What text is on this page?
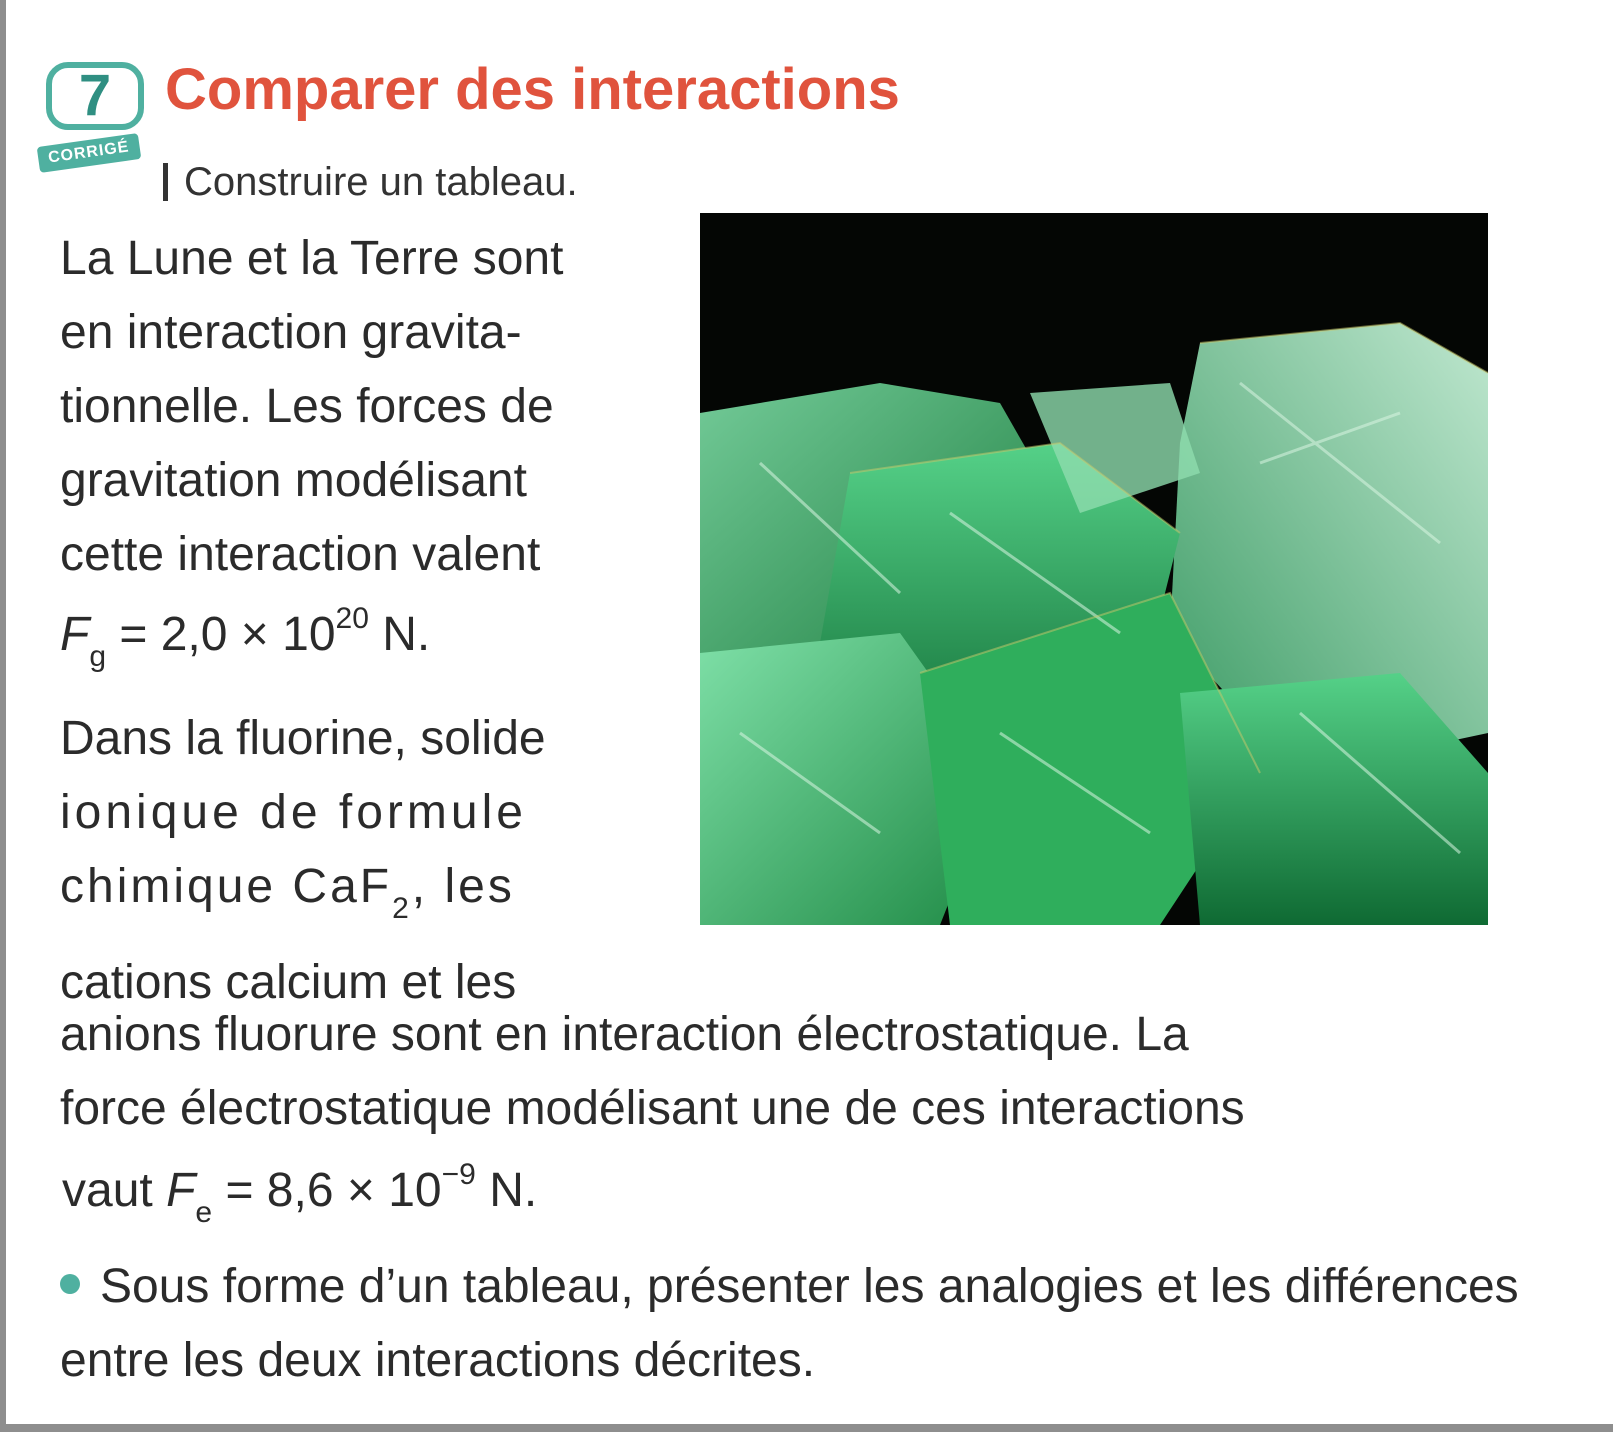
7
CORRIGÉ
Comparer des interactions
Construire un tableau.

La Lune et la Terre sont

en interaction gravita-

tionnelle. Les forces de

gravitation modélisant

cette interaction valent

$F_g = 2,0 \times 10^{20}$ N.

Dans la fluorine, solide

ionique de formule

chimique CaF$_2$, les

cations calcium et les

anions fluorure sont en interaction électrostatique. La

force électrostatique modélisant une de ces interactions

vaut $F_e = 8,6 \times 10^{-9}$ N.
Sous forme d’un tableau, présenter les analogies et les différences entre les deux interactions décrites.
